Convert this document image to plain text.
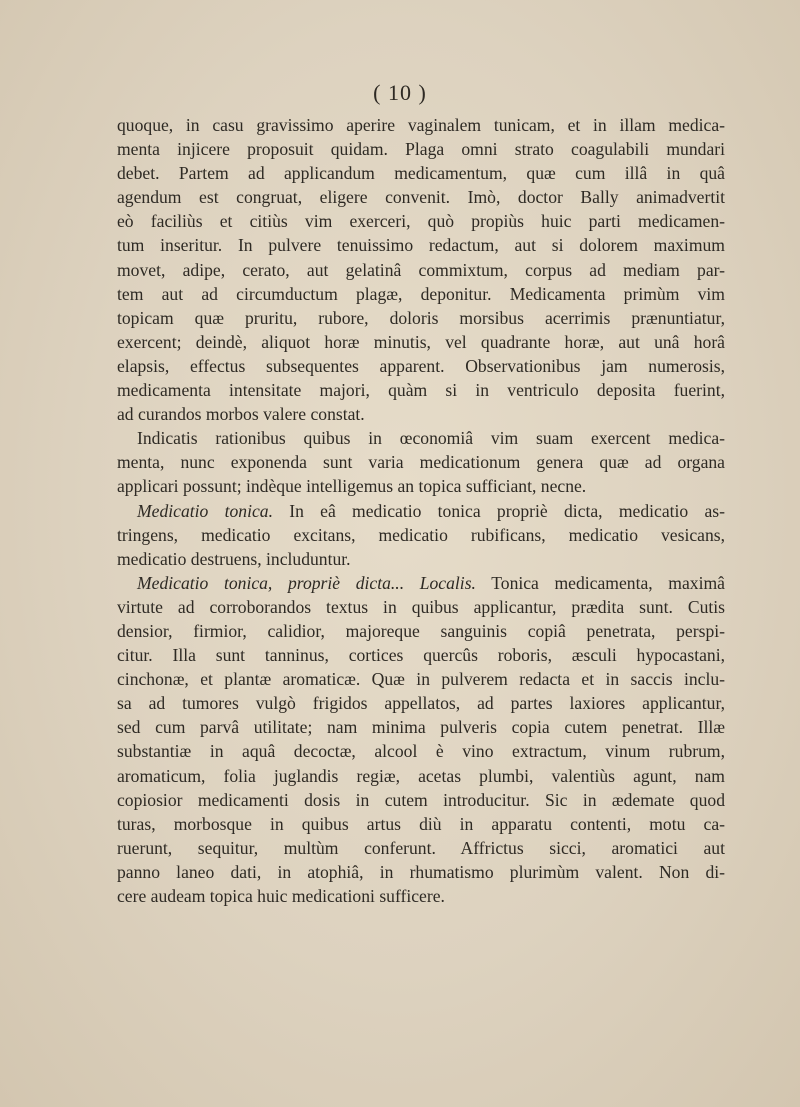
( 10 )
quoque, in casu gravissimo aperire vaginalem tunicam, et in illam medica-
menta injicere proposuit quidam. Plaga omni strato coagulabili mundari
debet. Partem ad applicandum medicamentum, quæ cum illâ in quâ
agendum est congruat, eligere convenit. Imò, doctor Bally animadvertit
eò faciliùs et citiùs vim exerceri, quò propiùs huic parti medicamen-
tum inseritur. In pulvere tenuissimo redactum, aut si dolorem maximum
movet, adipe, cerato, aut gelatinâ commixtum, corpus ad mediam par-
tem aut ad circumductum plagæ, deponitur. Medicamenta primùm vim
topicam quæ pruritu, rubore, doloris morsibus acerrimis prænuntiatur,
exercent; deindè, aliquot horæ minutis, vel quadrante horæ, aut unâ horâ
elapsis, effectus subsequentes apparent. Observationibus jam numerosis,
medicamenta intensitate majori, quàm si in ventriculo deposita fuerint,
ad curandos morbos valere constat.
Indicatis rationibus quibus in œconomiâ vim suam exercent medica-
menta, nunc exponenda sunt varia medicationum genera quæ ad organa
applicari possunt; indèque intelligemus an topica sufficiant, necne.
Medicatio tonica. In eâ medicatio tonica propriè dicta, medicatio as-
tringens, medicatio excitans, medicatio rubificans, medicatio vesicans,
medicatio destruens, includuntur.
Medicatio tonica, propriè dicta... Localis. Tonica medicamenta, maximâ
virtute ad corroborandos textus in quibus applicantur, prædita sunt. Cutis
densior, firmior, calidior, majoreque sanguinis copiâ penetrata, perspi-
citur. Illa sunt tanninus, cortices quercûs roboris, æsculi hypocastani,
cinchonæ, et plantæ aromaticæ. Quæ in pulverem redacta et in saccis inclu-
sa ad tumores vulgò frigidos appellatos, ad partes laxiores applicantur,
sed cum parvâ utilitate; nam minima pulveris copia cutem penetrat. Illæ
substantiæ in aquâ decoctæ, alcool è vino extractum, vinum rubrum,
aromaticum, folia juglandis regiæ, acetas plumbi, valentiùs agunt, nam
copiosior medicamenti dosis in cutem introducitur. Sic in ædemate quod
turas, morbosque in quibus artus diù in apparatu contenti, motu ca-
ruerunt, sequitur, multùm conferunt. Affrictus sicci, aromatici aut
panno laneo dati, in atophiâ, in rhumatismo plurimùm valent. Non di-
cere audeam topica huic medicationi sufficere.
